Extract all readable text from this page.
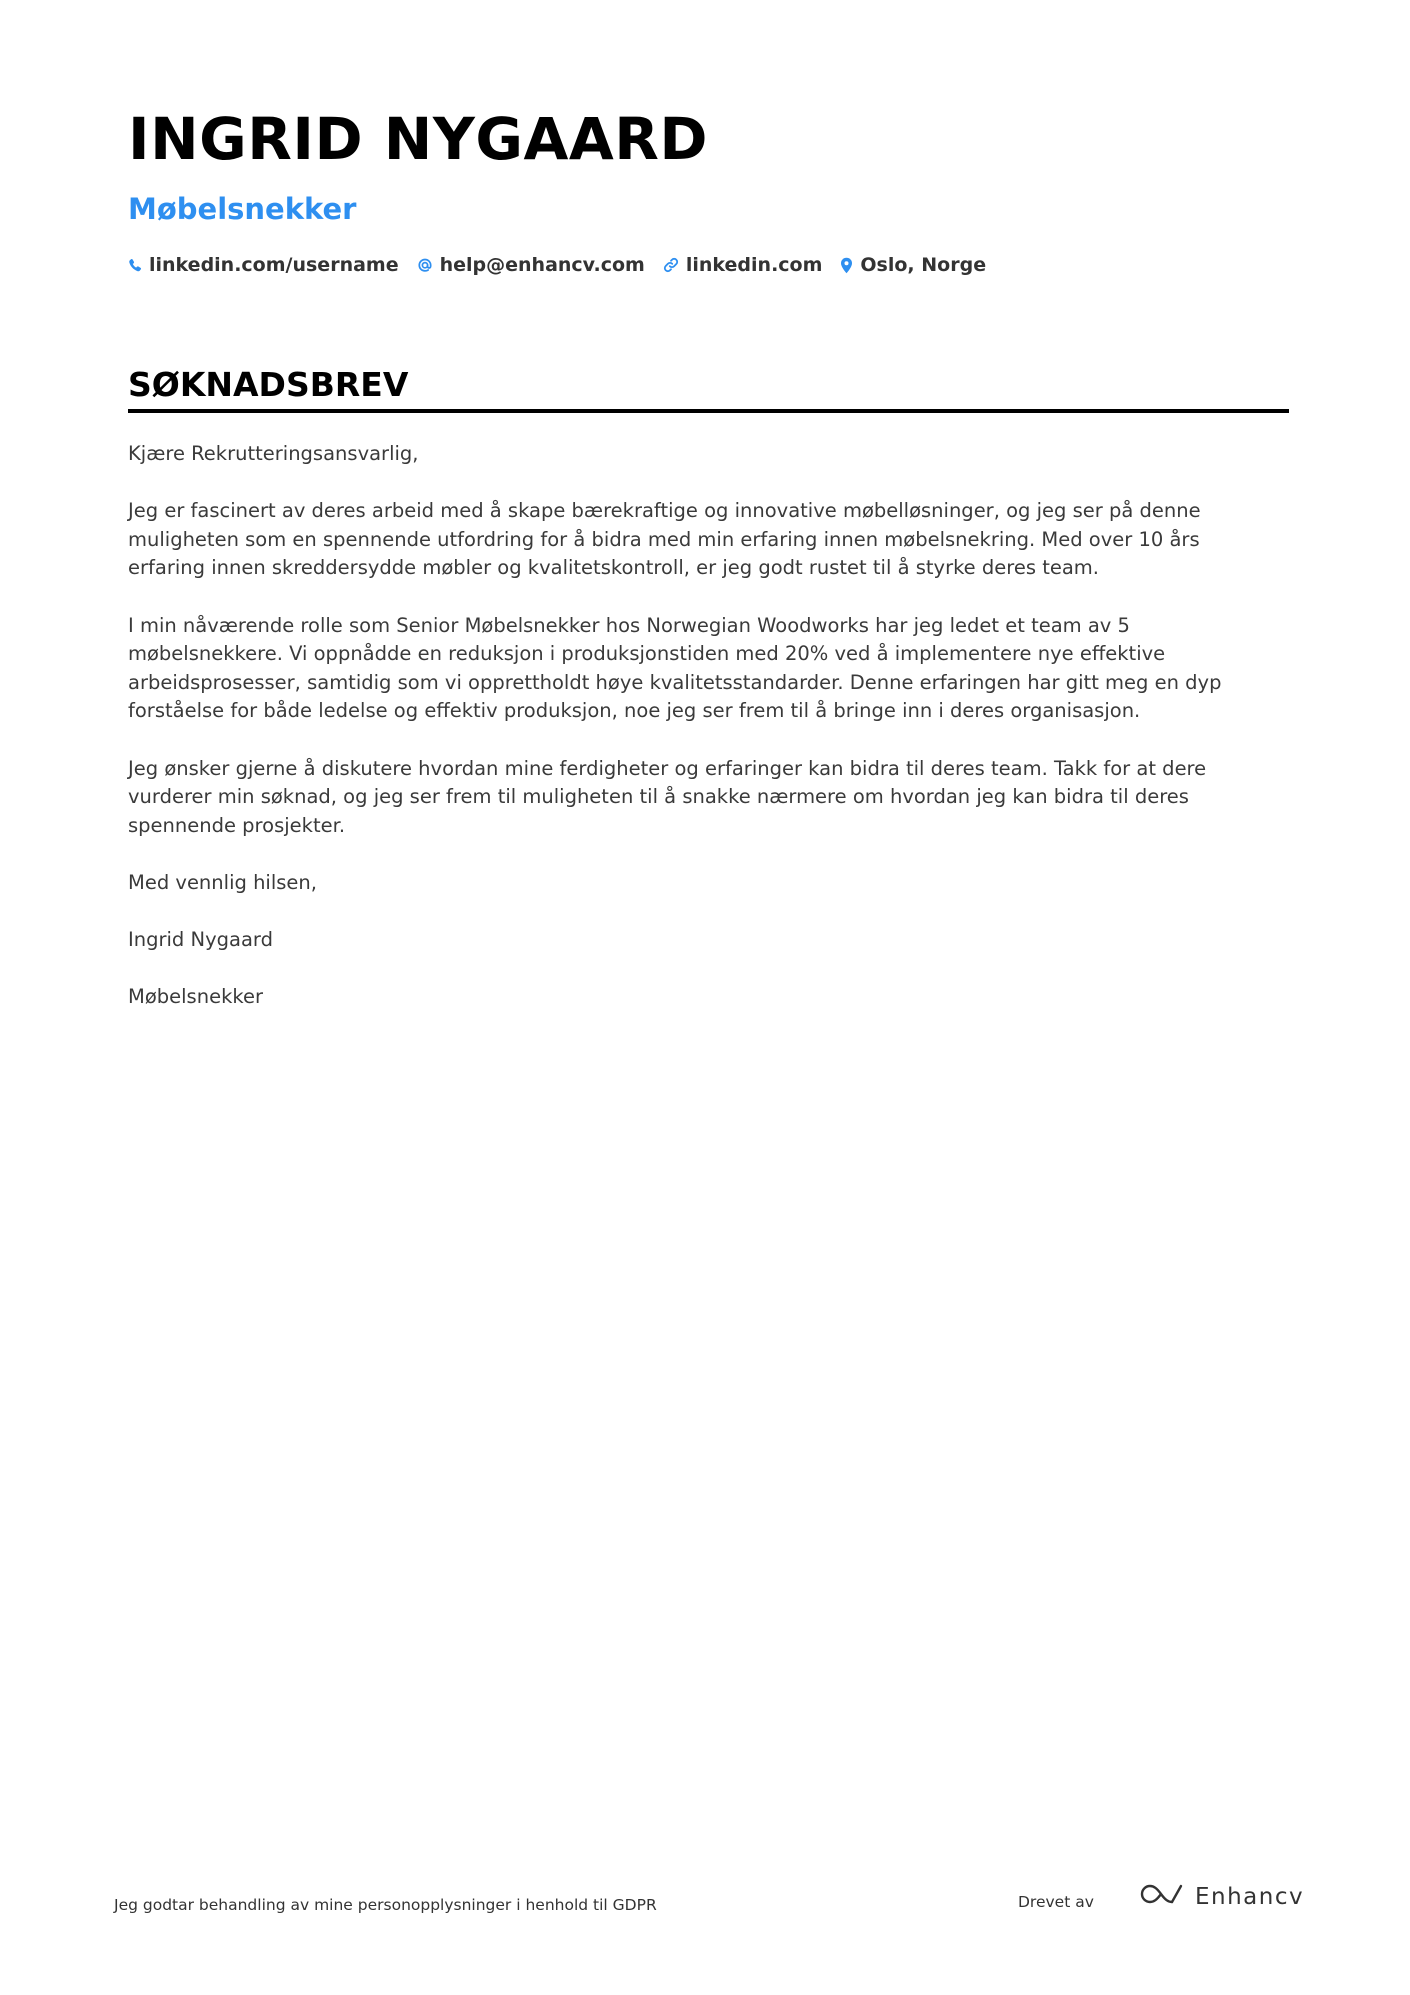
INGRID NYGAARD
Møbelsnekker
linkedin.com/username help@enhancv.com linkedin.com Oslo, Norge
SØKNADSBREV

Kjære Rekrutteringsansvarlig,

Jeg er fascinert av deres arbeid med å skape bærekraftige og innovative møbelløsninger, og jeg ser på denne muligheten som en spennende utfordring for å bidra med min erfaring innen møbelsnekring. Med over 10 års erfaring innen skreddersydde møbler og kvalitetskontroll, er jeg godt rustet til å styrke deres team.

I min nåværende rolle som Senior Møbelsnekker hos Norwegian Woodworks har jeg ledet et team av 5 møbelsnekkere. Vi oppnådde en reduksjon i produksjonstiden med 20% ved å implementere nye effektive arbeidsprosesser, samtidig som vi opprettholdt høye kvalitetsstandarder. Denne erfaringen har gitt meg en dyp forståelse for både ledelse og effektiv produksjon, noe jeg ser frem til å bringe inn i deres organisasjon.

Jeg ønsker gjerne å diskutere hvordan mine ferdigheter og erfaringer kan bidra til deres team. Takk for at dere vurderer min søknad, og jeg ser frem til muligheten til å snakke nærmere om hvordan jeg kan bidra til deres spennende prosjekter.

Med vennlig hilsen,

Ingrid Nygaard

Møbelsnekker

Jeg godtar behandling av mine personopplysninger i henhold til GDPR	Drevet av	Enhancv
